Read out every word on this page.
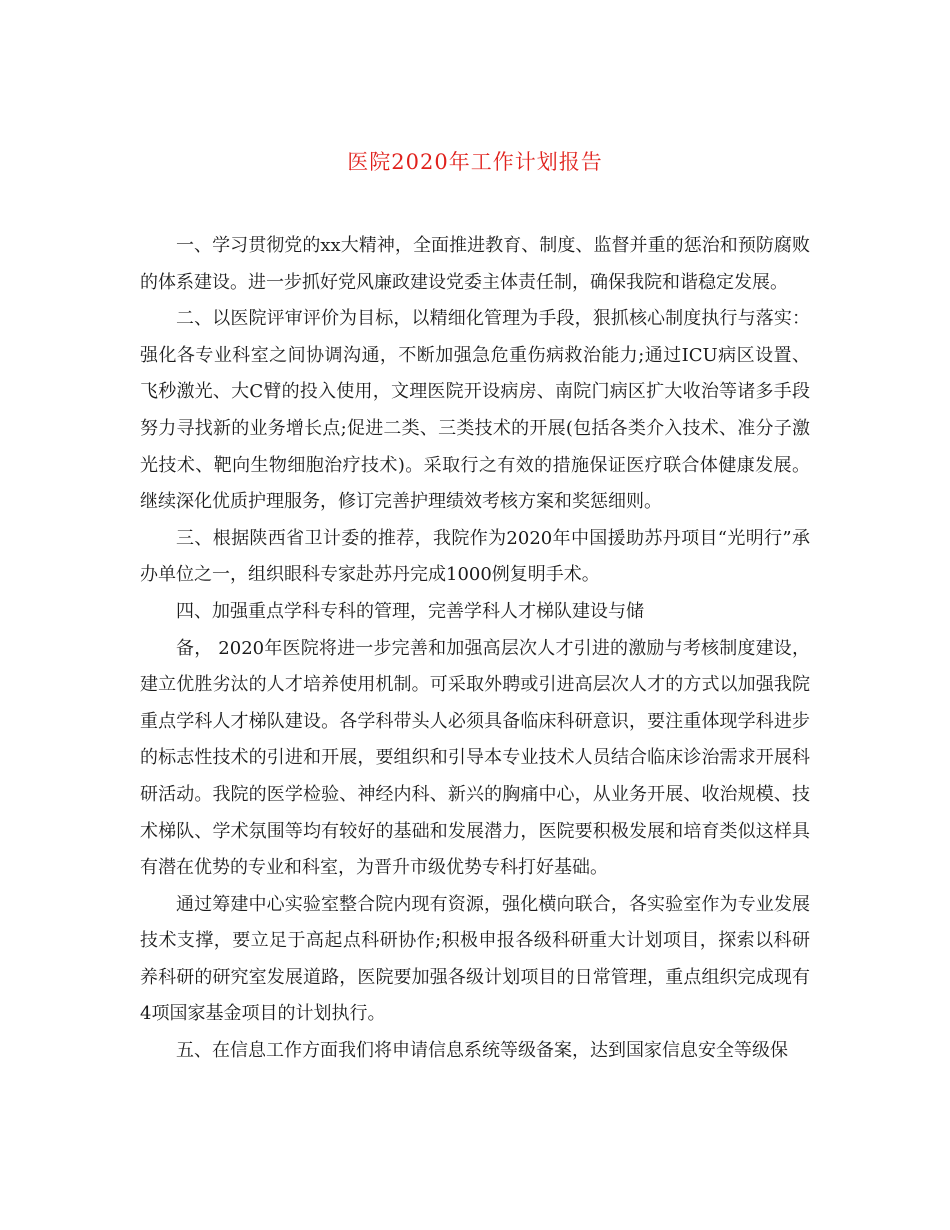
医院2020年工作计划报告

一、学习贯彻党的xx大精神，全面推进教育、制度、监督并重的惩治和预防腐败的体系建设。进一步抓好党风廉政建设党委主体责任制，确保我院和谐稳定发展。

二、以医院评审评价为目标，以精细化管理为手段，狠抓核心制度执行与落实：强化各专业科室之间协调沟通，不断加强急危重伤病救治能力;通过ICU病区设置、飞秒激光、大C臂的投入使用，文理医院开设病房、南院门病区扩大收治等诸多手段努力寻找新的业务增长点;促进二类、三类技术的开展(包括各类介入技术、准分子激光技术、靶向生物细胞治疗技术)。采取行之有效的措施保证医疗联合体健康发展。继续深化优质护理服务，修订完善护理绩效考核方案和奖惩细则。

三、根据陕西省卫计委的推荐，我院作为2020年中国援助苏丹项目“光明行”承办单位之一，组织眼科专家赴苏丹完成1000例复明手术。

四、加强重点学科专科的管理，完善学科人才梯队建设与储

备， 2020年医院将进一步完善和加强高层次人才引进的激励与考核制度建设，建立优胜劣汰的人才培养使用机制。可采取外聘或引进高层次人才的方式以加强我院重点学科人才梯队建设。各学科带头人必须具备临床科研意识，要注重体现学科进步的标志性技术的引进和开展，要组织和引导本专业技术人员结合临床诊治需求开展科研活动。我院的医学检验、神经内科、新兴的胸痛中心，从业务开展、收治规模、技术梯队、学术氛围等均有较好的基础和发展潜力，医院要积极发展和培育类似这样具有潜在优势的专业和科室，为晋升市级优势专科打好基础。

通过筹建中心实验室整合院内现有资源，强化横向联合，各实验室作为专业发展技术支撑，要立足于高起点科研协作;积极申报各级科研重大计划项目，探索以科研养科研的研究室发展道路，医院要加强各级计划项目的日常管理，重点组织完成现有4项国家基金项目的计划执行。

五、在信息工作方面我们将申请信息系统等级备案，达到国家信息安全等级保
